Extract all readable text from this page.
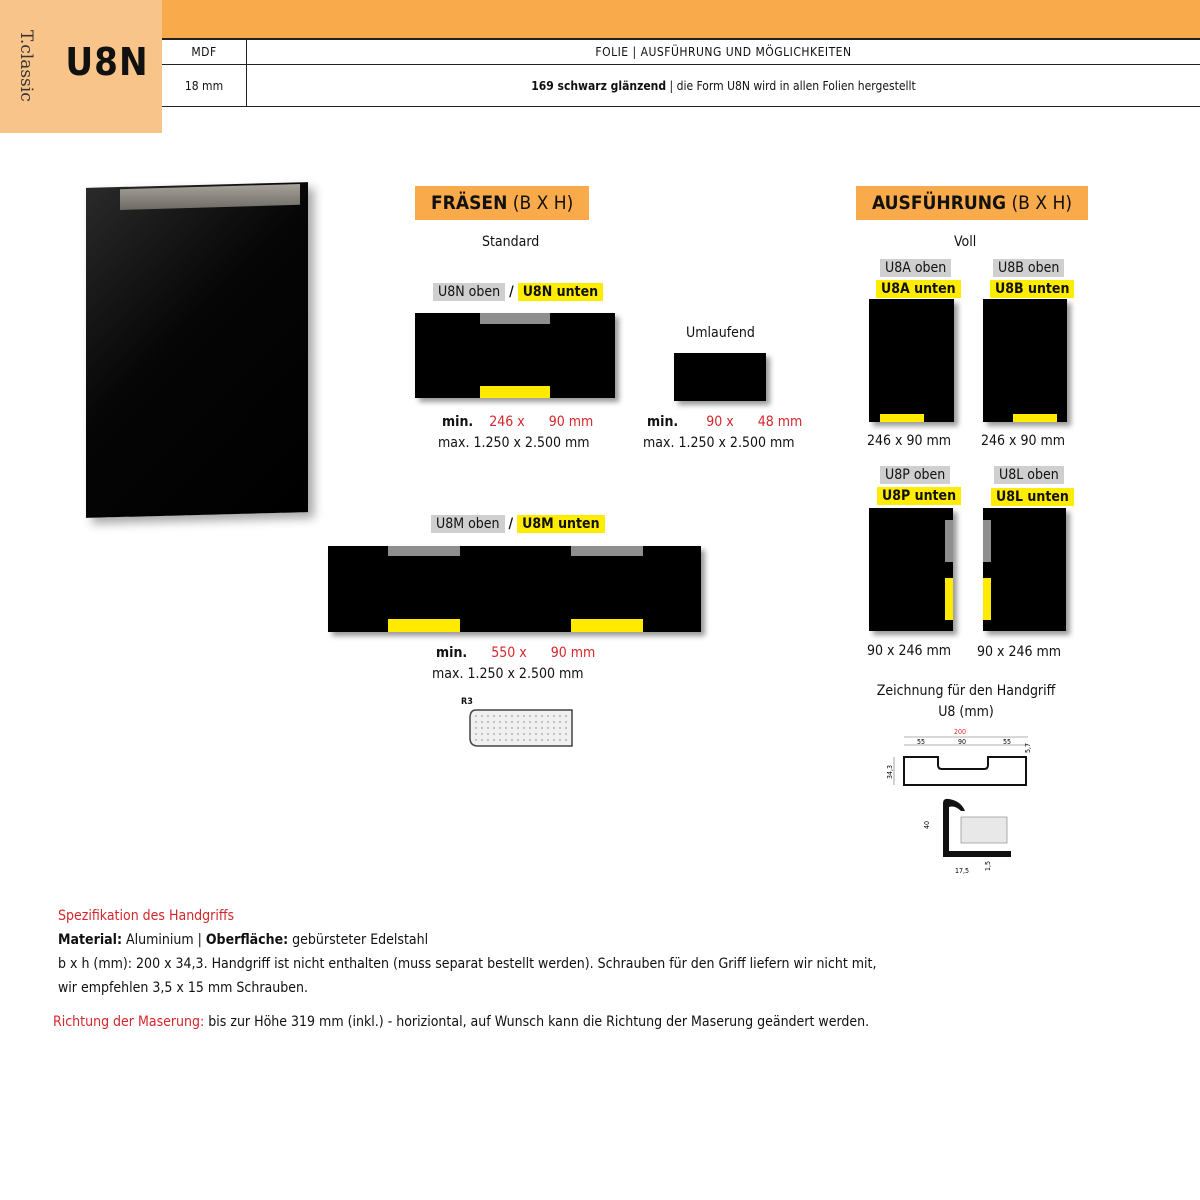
T.classic U8N	MDF	FOLIE | AUSFÜHRUNG UND MÖGLICHKEITEN
18 mm	169 schwarz glänzend | die Form U8N wird in allen Folien hergestellt
FRÄSEN (B X H)
Standard
U8N oben / U8N unten
min. 246 x 90 mm
max. 1.250 x 2.500 mm
Umlaufend
min. 90 x 48 mm
max. 1.250 x 2.500 mm
U8M oben / U8M unten
min. 550 x 90 mm
max. 1.250 x 2.500 mm
R3
AUSFÜHRUNG (B X H)
Voll
U8A oben
U8A unten
246 x 90 mm
U8B oben
U8B unten
246 x 90 mm
U8P oben
U8P unten
90 x 246 mm
U8L oben
U8L unten
90 x 246 mm
Zeichnung für den Handgriff
U8 (mm)
200
55	90	55
5,7
34,3
40
17,5 1,5
Spezifikation des Handgriffs
Material: Aluminium | Oberfläche: gebürsteter Edelstahl
b x h (mm): 200 x 34,3. Handgriff ist nicht enthalten (muss separat bestellt werden). Schrauben für den Griff liefern wir nicht mit,
wir empfehlen 3,5 x 15 mm Schrauben.
Richtung der Maserung: bis zur Höhe 319 mm (inkl.) - horiziontal, auf Wunsch kann die Richtung der Maserung geändert werden.
